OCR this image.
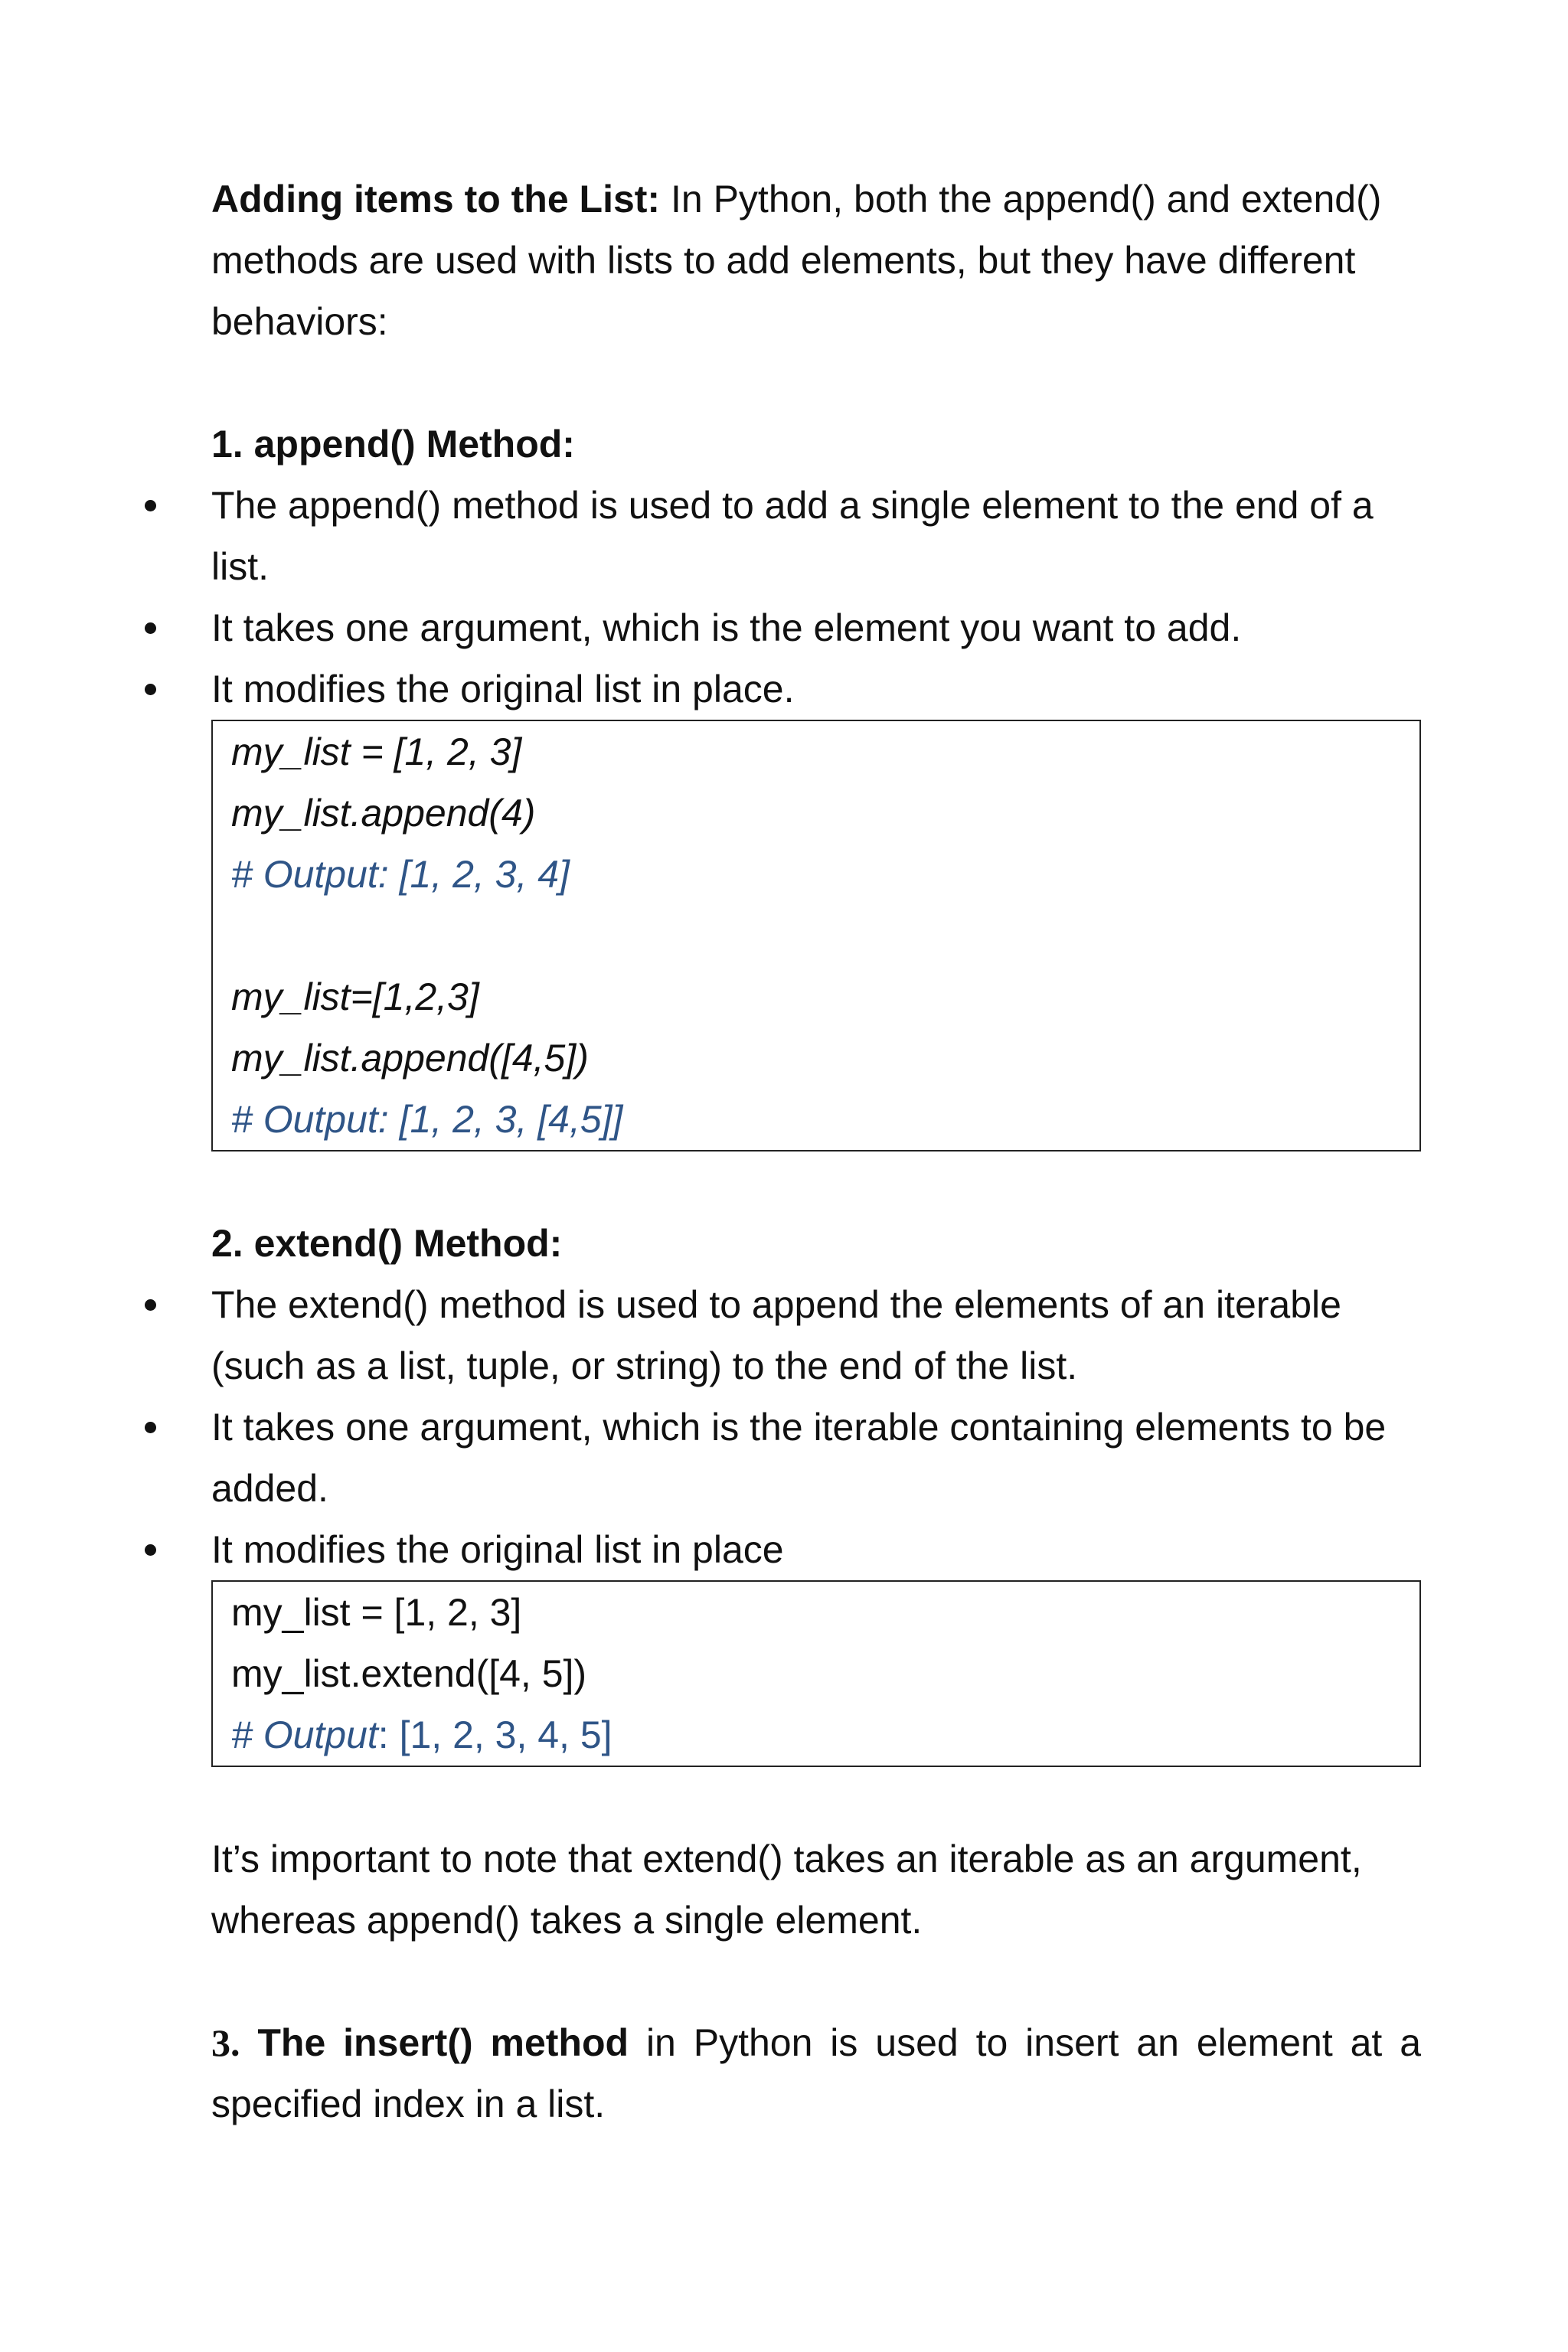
Adding items to the List: In Python, both the append() and extend() methods are used with lists to add elements, but they have different behaviors:

1. append() Method:

The append() method is used to add a single element to the end of a list.
It takes one argument, which is the element you want to add.
It modifies the original list in place.
my_list = [1, 2, 3]
my_list.append(4)
# Output: [1, 2, 3, 4]
my_list=[1,2,3]
my_list.append([4,5])
# Output: [1, 2, 3, [4,5]]

2. extend() Method:

The extend() method is used to append the elements of an iterable (such as a list, tuple, or string) to the end of the list.
It takes one argument, which is the iterable containing elements to be added.
It modifies the original list in place
my_list = [1, 2, 3]
my_list.extend([4, 5])
# Output: [1, 2, 3, 4, 5]

It’s important to note that extend() takes an iterable as an argument, whereas append() takes a single element.

3. The insert() method in Python is used to insert an element at a specified index in a list.
